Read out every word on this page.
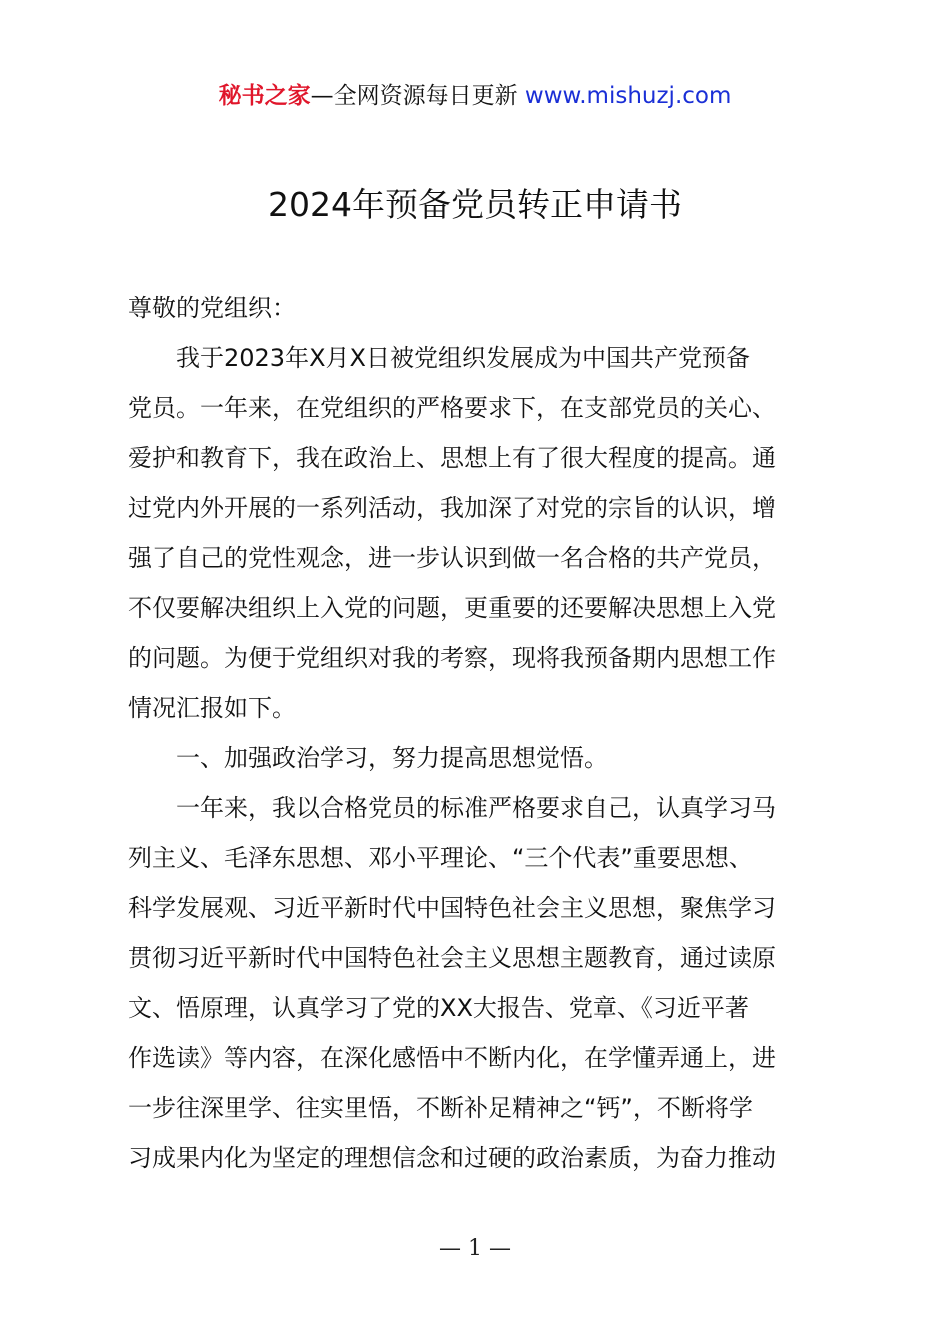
秘书之家—全网资源每日更新 www.mishuzj.com
2024年预备党员转正申请书
尊敬的党组织：
　　我于2023年X月X日被党组织发展成为中国共产党预备
党员。一年来，在党组织的严格要求下，在支部党员的关心、
爱护和教育下，我在政治上、思想上有了很大程度的提高。通
过党内外开展的一系列活动，我加深了对党的宗旨的认识，增
强了自己的党性观念，进一步认识到做一名合格的共产党员，
不仅要解决组织上入党的问题，更重要的还要解决思想上入党
的问题。为便于党组织对我的考察，现将我预备期内思想工作
情况汇报如下。
　　一、加强政治学习，努力提高思想觉悟。
　　一年来，我以合格党员的标准严格要求自己，认真学习马
列主义、毛泽东思想、邓小平理论、“三个代表”重要思想、
科学发展观、习近平新时代中国特色社会主义思想，聚焦学习
贯彻习近平新时代中国特色社会主义思想主题教育，通过读原
文、悟原理，认真学习了党的XX大报告、党章、《习近平著
作选读》等内容，在深化感悟中不断内化，在学懂弄通上，进
一步往深里学、往实里悟，不断补足精神之“钙”，不断将学
习成果内化为坚定的理想信念和过硬的政治素质，为奋力推动
— 1 —
